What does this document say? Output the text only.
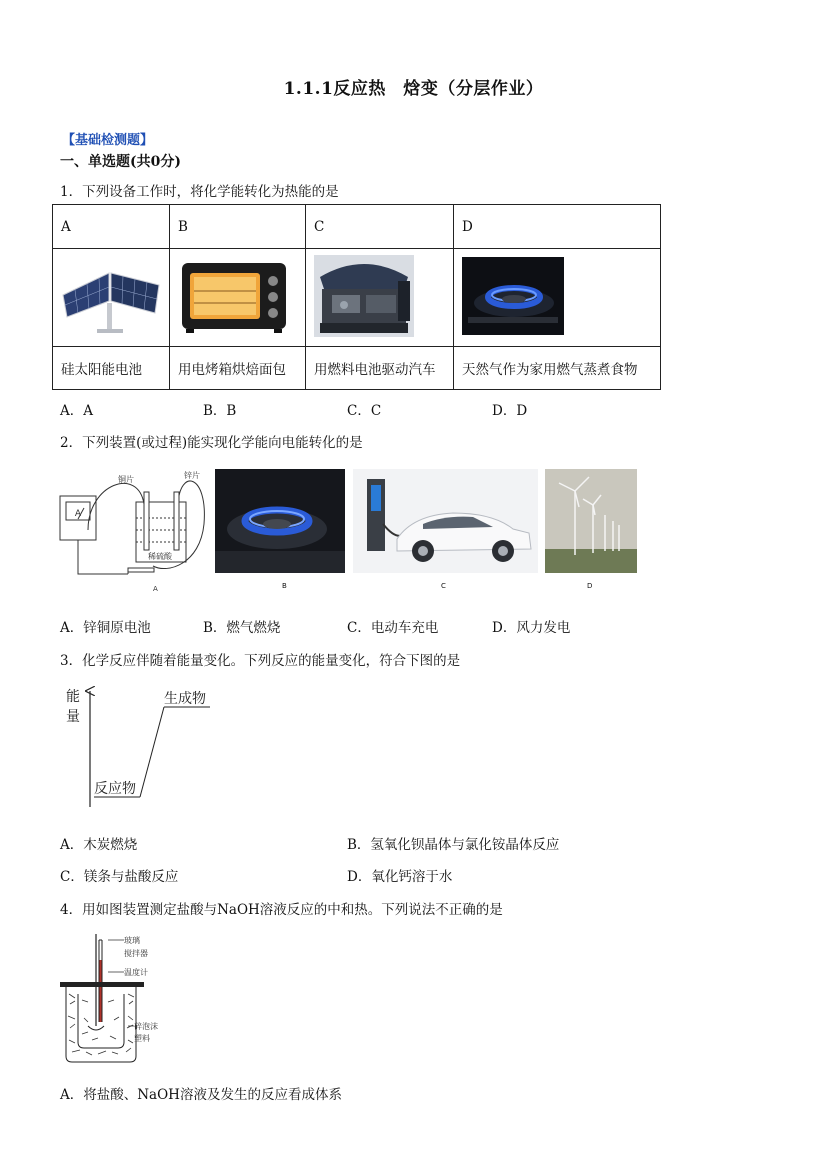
1.1.1反应热　焓变（分层作业）
【基础检测题】
一、单选题(共0分)
1．下列设备工作时，将化学能转化为热能的是
A	B	C	D

硅太阳能电池	用电烤箱烘焙面包	用燃料电池驱动汽车	天然气作为家用燃气蒸煮食物
A．A	B．B	C．C	D．D
2．下列装置(或过程)能实现化学能向电能转化的是
A
铜片	锌片
稀硫酸
A	B	C	D
A．锌铜原电池	B．燃气燃烧	C．电动车充电	D．风力发电
3．化学反应伴随着能量变化。下列反应的能量变化，符合下图的是
能
量
生成物
反应物
A．木炭燃烧	B．氢氧化钡晶体与氯化铵晶体反应
C．镁条与盐酸反应	D．氧化钙溶于水
4．用如图装置测定盐酸与NaOH溶液反应的中和热。下列说法不正确的是
玻璃
搅拌器
温度计
碎泡沫
塑料
A．将盐酸、NaOH溶液及发生的反应看成体系
